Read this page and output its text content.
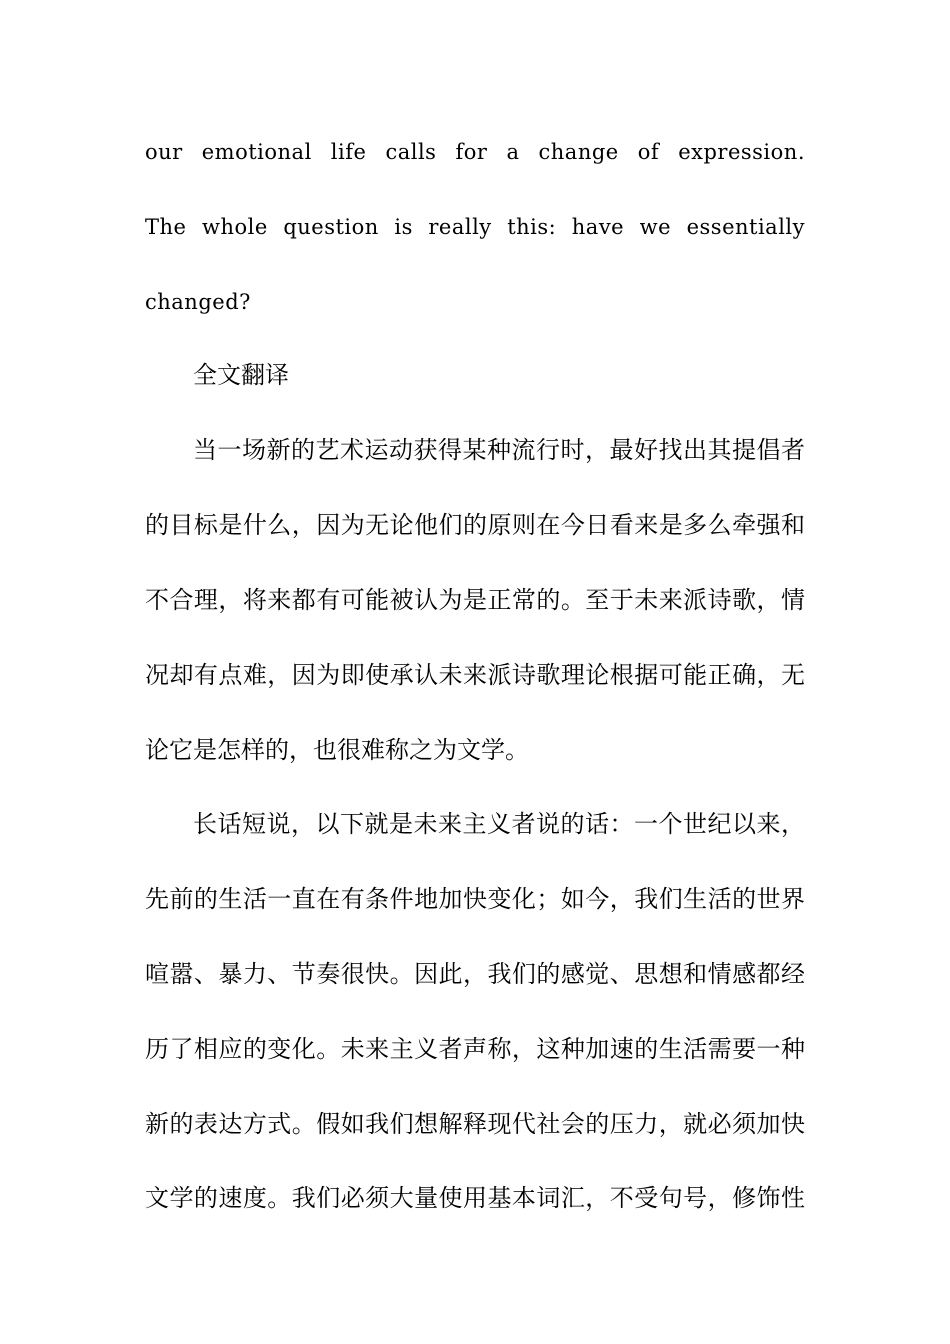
our emotional life calls for a change of expression.
The whole question is really this: have we essentially
changed?
全文翻译
当一场新的艺术运动获得某种流行时，最好找出其提倡者
的目标是什么，因为无论他们的原则在今日看来是多么牵强和
不合理，将来都有可能被认为是正常的。至于未来派诗歌，情
况却有点难，因为即使承认未来派诗歌理论根据可能正确，无
论它是怎样的，也很难称之为文学。
长话短说，以下就是未来主义者说的话：一个世纪以来，
先前的生活一直在有条件地加快变化；如今，我们生活的世界
喧嚣、暴力、节奏很快。因此，我们的感觉、思想和情感都经
历了相应的变化。未来主义者声称，这种加速的生活需要一种
新的表达方式。假如我们想解释现代社会的压力，就必须加快
文学的速度。我们必须大量使用基本词汇，不受句号，修饰性
